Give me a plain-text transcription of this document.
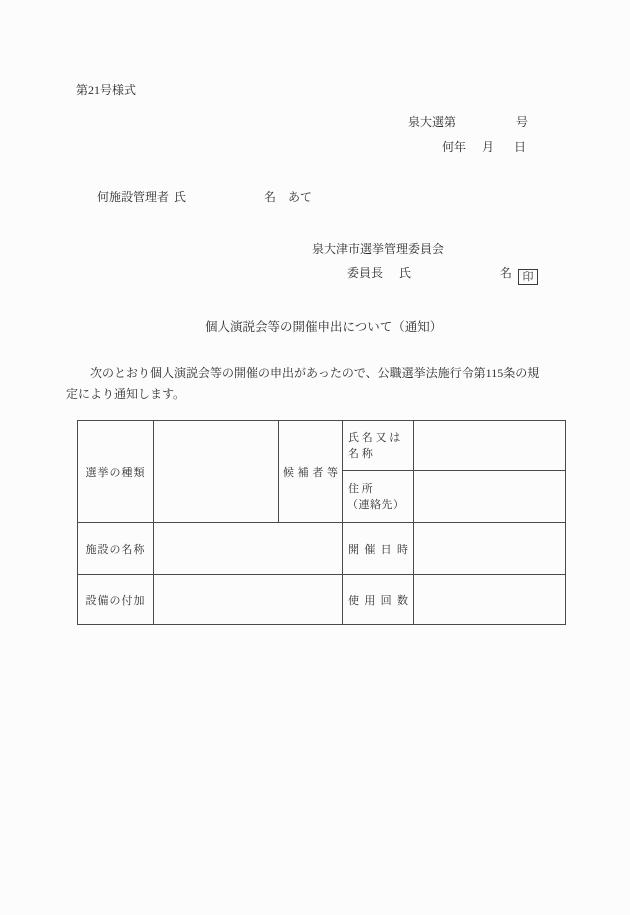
第21号様式
泉大選第	号
何年 月 日
何施設管理者 氏	名 あて
泉大津市選挙管理委員会
委員長 氏	名 印
個人演説会等の開催申出について（通知）

次のとおり個人演説会等の開催の申出があったので、公職選挙法施行令第115条の規
定により通知します。

選挙の種類		候 補 者 等	氏 名 又 は
名 称	

			住 所
（連絡先）	

施設の名称			開 催 日 時	

設備の付加			使 用 回 数	
